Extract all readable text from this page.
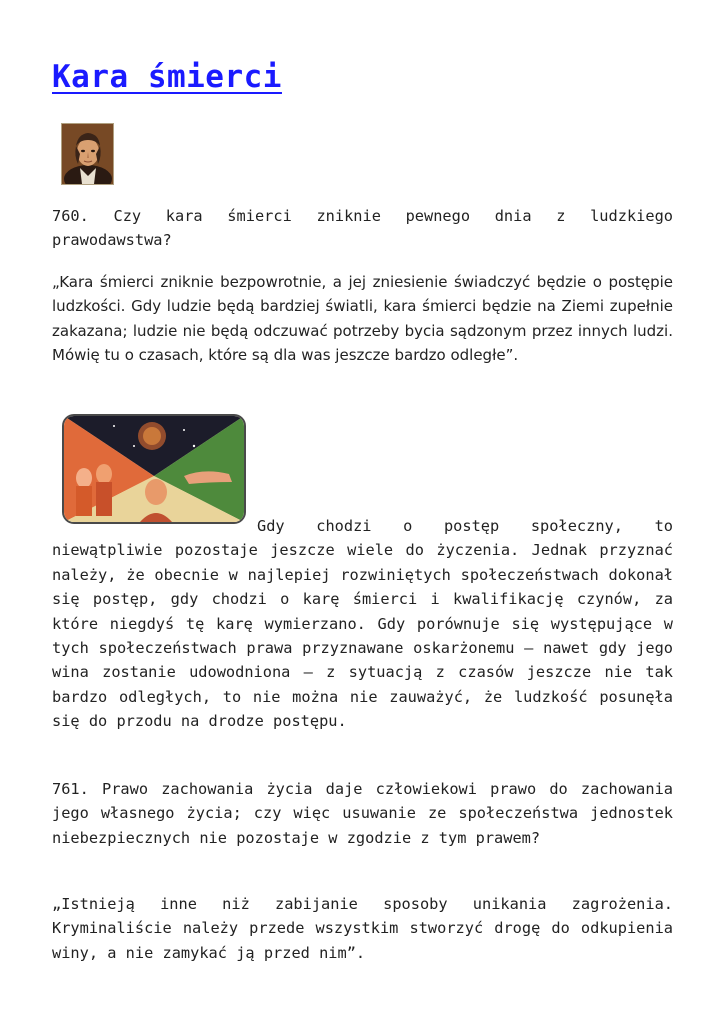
Kara śmierci

760. Czy kara śmierci zniknie pewnego dnia z ludzkiego prawodawstwa?

„Kara śmierci zniknie bezpowrotnie, a jej zniesienie świadczyć będzie o postępie ludzkości. Gdy ludzie będą bardziej światli, kara śmierci będzie na Ziemi zupełnie zakazana; ludzie nie będą odczuwać potrzeby bycia sądzonym przez innych ludzi. Mówię tu o czasach, które są dla was jeszcze bardzo odległe”.

Gdy chodzi o postęp społeczny, to niewątpliwie pozostaje jeszcze wiele do życzenia. Jednak przyznać należy, że obecnie w najlepiej rozwiniętych społeczeństwach dokonał się postęp, gdy chodzi o karę śmierci i kwalifikację czynów, za które niegdyś tę karę wymierzano. Gdy porównuje się występujące w tych społeczeństwach prawa przyznawane oskarżonemu – nawet gdy jego wina zostanie udowodniona – z sytuacją z czasów jeszcze nie tak bardzo odległych, to nie można nie zauważyć, że ludzkość posunęła się do przodu na drodze postępu.

761. Prawo zachowania życia daje człowiekowi prawo do zachowania jego własnego życia; czy więc usuwanie ze społeczeństwa jednostek niebezpiecznych nie pozostaje w zgodzie z tym prawem?

„Istnieją inne niż zabijanie sposoby unikania zagrożenia. Kryminaliście należy przede wszystkim stworzyć drogę do odkupienia winy, a nie zamykać ją przed nim”.
